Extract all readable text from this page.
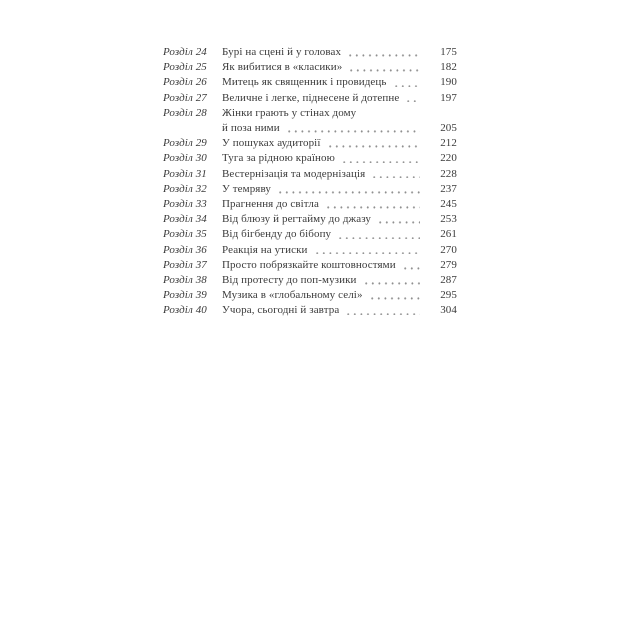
Розділ 24	Бурі на сцені й у головах	175
Розділ 25	Як вибитися в «класики»	182
Розділ 26	Митець як священник і провидець	190
Розділ 27	Величне і легке, піднесене й дотепне	197
Розділ 28	Жінки грають у стінах дому
й поза ними	205
Розділ 29	У пошуках аудиторії	212
Розділ 30	Туга за рідною країною	220
Розділ 31	Вестернізація та модернізація	228
Розділ 32	У темряву	237
Розділ 33	Прагнення до світла	245
Розділ 34	Від блюзу й регтайму до джазу	253
Розділ 35	Від бігбенду до бібопу	261
Розділ 36	Реакція на утиски	270
Розділ 37	Просто побрязкайте коштовностями	279
Розділ 38	Від протесту до поп-музики	287
Розділ 39	Музика в «глобальному селі»	295
Розділ 40	Учора, сьогодні й завтра	304
